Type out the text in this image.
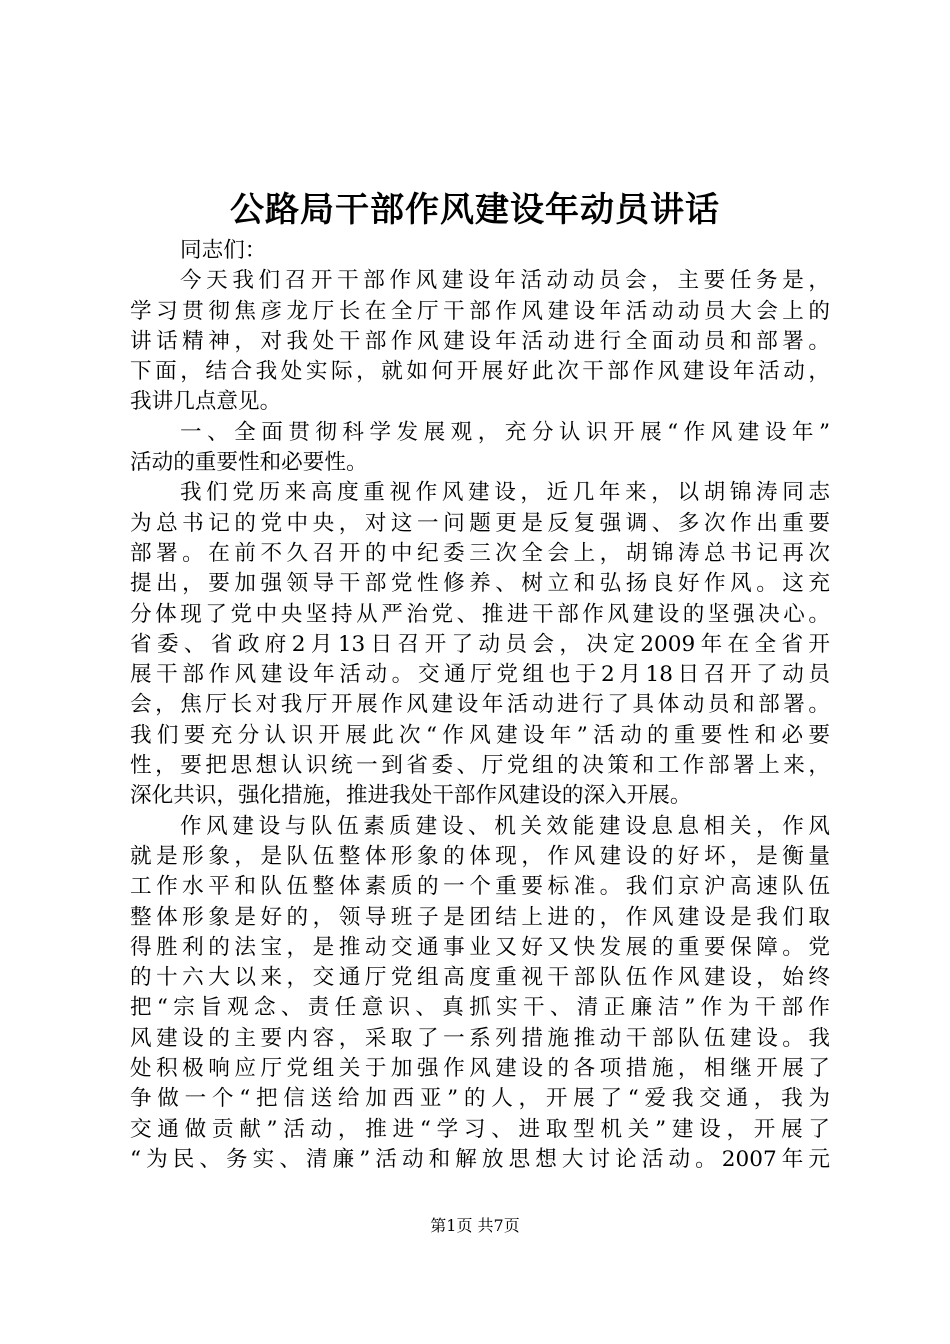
公路局干部作风建设年动员讲话
同志们：
今天我们召开干部作风建设年活动动员会，主要任务是，
学习贯彻焦彦龙厅长在全厅干部作风建设年活动动员大会上的
讲话精神，对我处干部作风建设年活动进行全面动员和部署。
下面，结合我处实际，就如何开展好此次干部作风建设年活动，
我讲几点意见。
一、全面贯彻科学发展观，充分认识开展“作风建设年”
活动的重要性和必要性。
我们党历来高度重视作风建设，近几年来，以胡锦涛同志
为总书记的党中央，对这一问题更是反复强调、多次作出重要
部署。在前不久召开的中纪委三次全会上，胡锦涛总书记再次
提出，要加强领导干部党性修养、树立和弘扬良好作风。这充
分体现了党中央坚持从严治党、推进干部作风建设的坚强决心。
省委、省政府2月13日召开了动员会，决定2009年在全省开
展干部作风建设年活动。交通厅党组也于2月18日召开了动员
会，焦厅长对我厅开展作风建设年活动进行了具体动员和部署。
我们要充分认识开展此次“作风建设年”活动的重要性和必要
性，要把思想认识统一到省委、厅党组的决策和工作部署上来，
深化共识，强化措施，推进我处干部作风建设的深入开展。
作风建设与队伍素质建设、机关效能建设息息相关，作风
就是形象，是队伍整体形象的体现，作风建设的好坏，是衡量
工作水平和队伍整体素质的一个重要标准。我们京沪高速队伍
整体形象是好的，领导班子是团结上进的，作风建设是我们取
得胜利的法宝，是推动交通事业又好又快发展的重要保障。党
的十六大以来，交通厅党组高度重视干部队伍作风建设，始终
把“宗旨观念、责任意识、真抓实干、清正廉洁”作为干部作
风建设的主要内容，采取了一系列措施推动干部队伍建设。我
处积极响应厅党组关于加强作风建设的各项措施，相继开展了
争做一个“把信送给加西亚”的人，开展了“爱我交通，我为
交通做贡献”活动，推进“学习、进取型机关”建设，开展了
“为民、务实、清廉”活动和解放思想大讨论活动。2007年元
第1页 共7页
